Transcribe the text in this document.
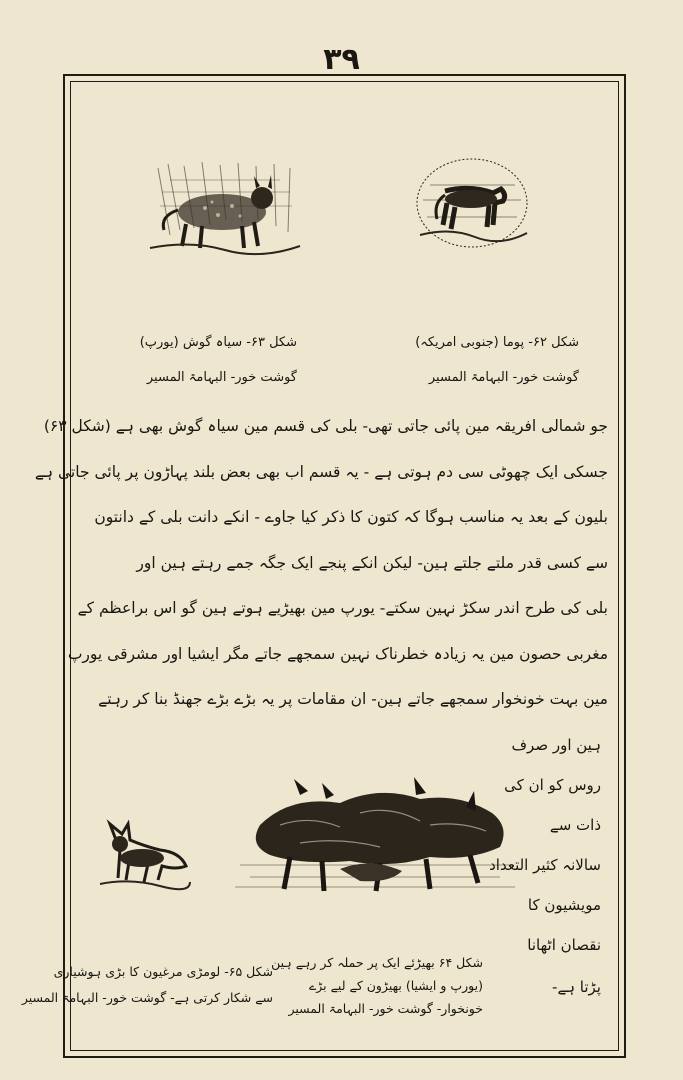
۳۹
شکل ۶۲- پوما (جنوبی امریکہ)
شکل ۶۳- سیاہ گوش (یورپ)
گوشت خور- البہامۃ المسیر
گوشت خور- البہامۃ المسیر
جو شمالی افریقہ مین پائی جاتی تھی- بلی کی قسم مین سیاہ گوش بھی ہے (شکل ۶۳)
جسکی ایک چھوٹی سی دم ہوتی ہے - یہ قسم اب بھی بعض بلند پہاڑون پر پائی جاتی ہے
بلیون کے بعد یہ مناسب ہوگا کہ کتون کا ذکر کیا جاوے - انکے دانت بلی کے دانتون
سے کسی قدر ملتے جلتے ہین- لیکن انکے پنجے ایک جگہ جمے رہتے ہین اور
بلی کی طرح اندر سکڑ نہین سکتے- یورپ مین بھیڑیے ہوتے ہین گو اس براعظم کے
مغربی حصون مین یہ زیادہ خطرناک نہین سمجھے جاتے مگر ایشیا اور مشرقی یورپ
مین بہت خونخوار سمجھے جاتے ہین- ان مقامات پر یہ بڑے بڑے جھنڈ بنا کر رہتے
ہین اور صرف
روس کو ان کی
ذات سے
سالانہ کثیر التعداد
مویشیون کا
نقصان اٹھانا
پڑتا ہے-
شکل ۶۴ بھیڑئے ایک پر حملہ کر رہے ہین
(یورپ و ایشیا) بھیڑون کے لیے بڑے
خونخوار- گوشت خور- البہامۃ المسیر
شکل ۶۵- لومڑی مرغیون کا بڑی ہوشیاری
سے شکار کرتی ہے- گوشت خور- البہامۃ المسیر
